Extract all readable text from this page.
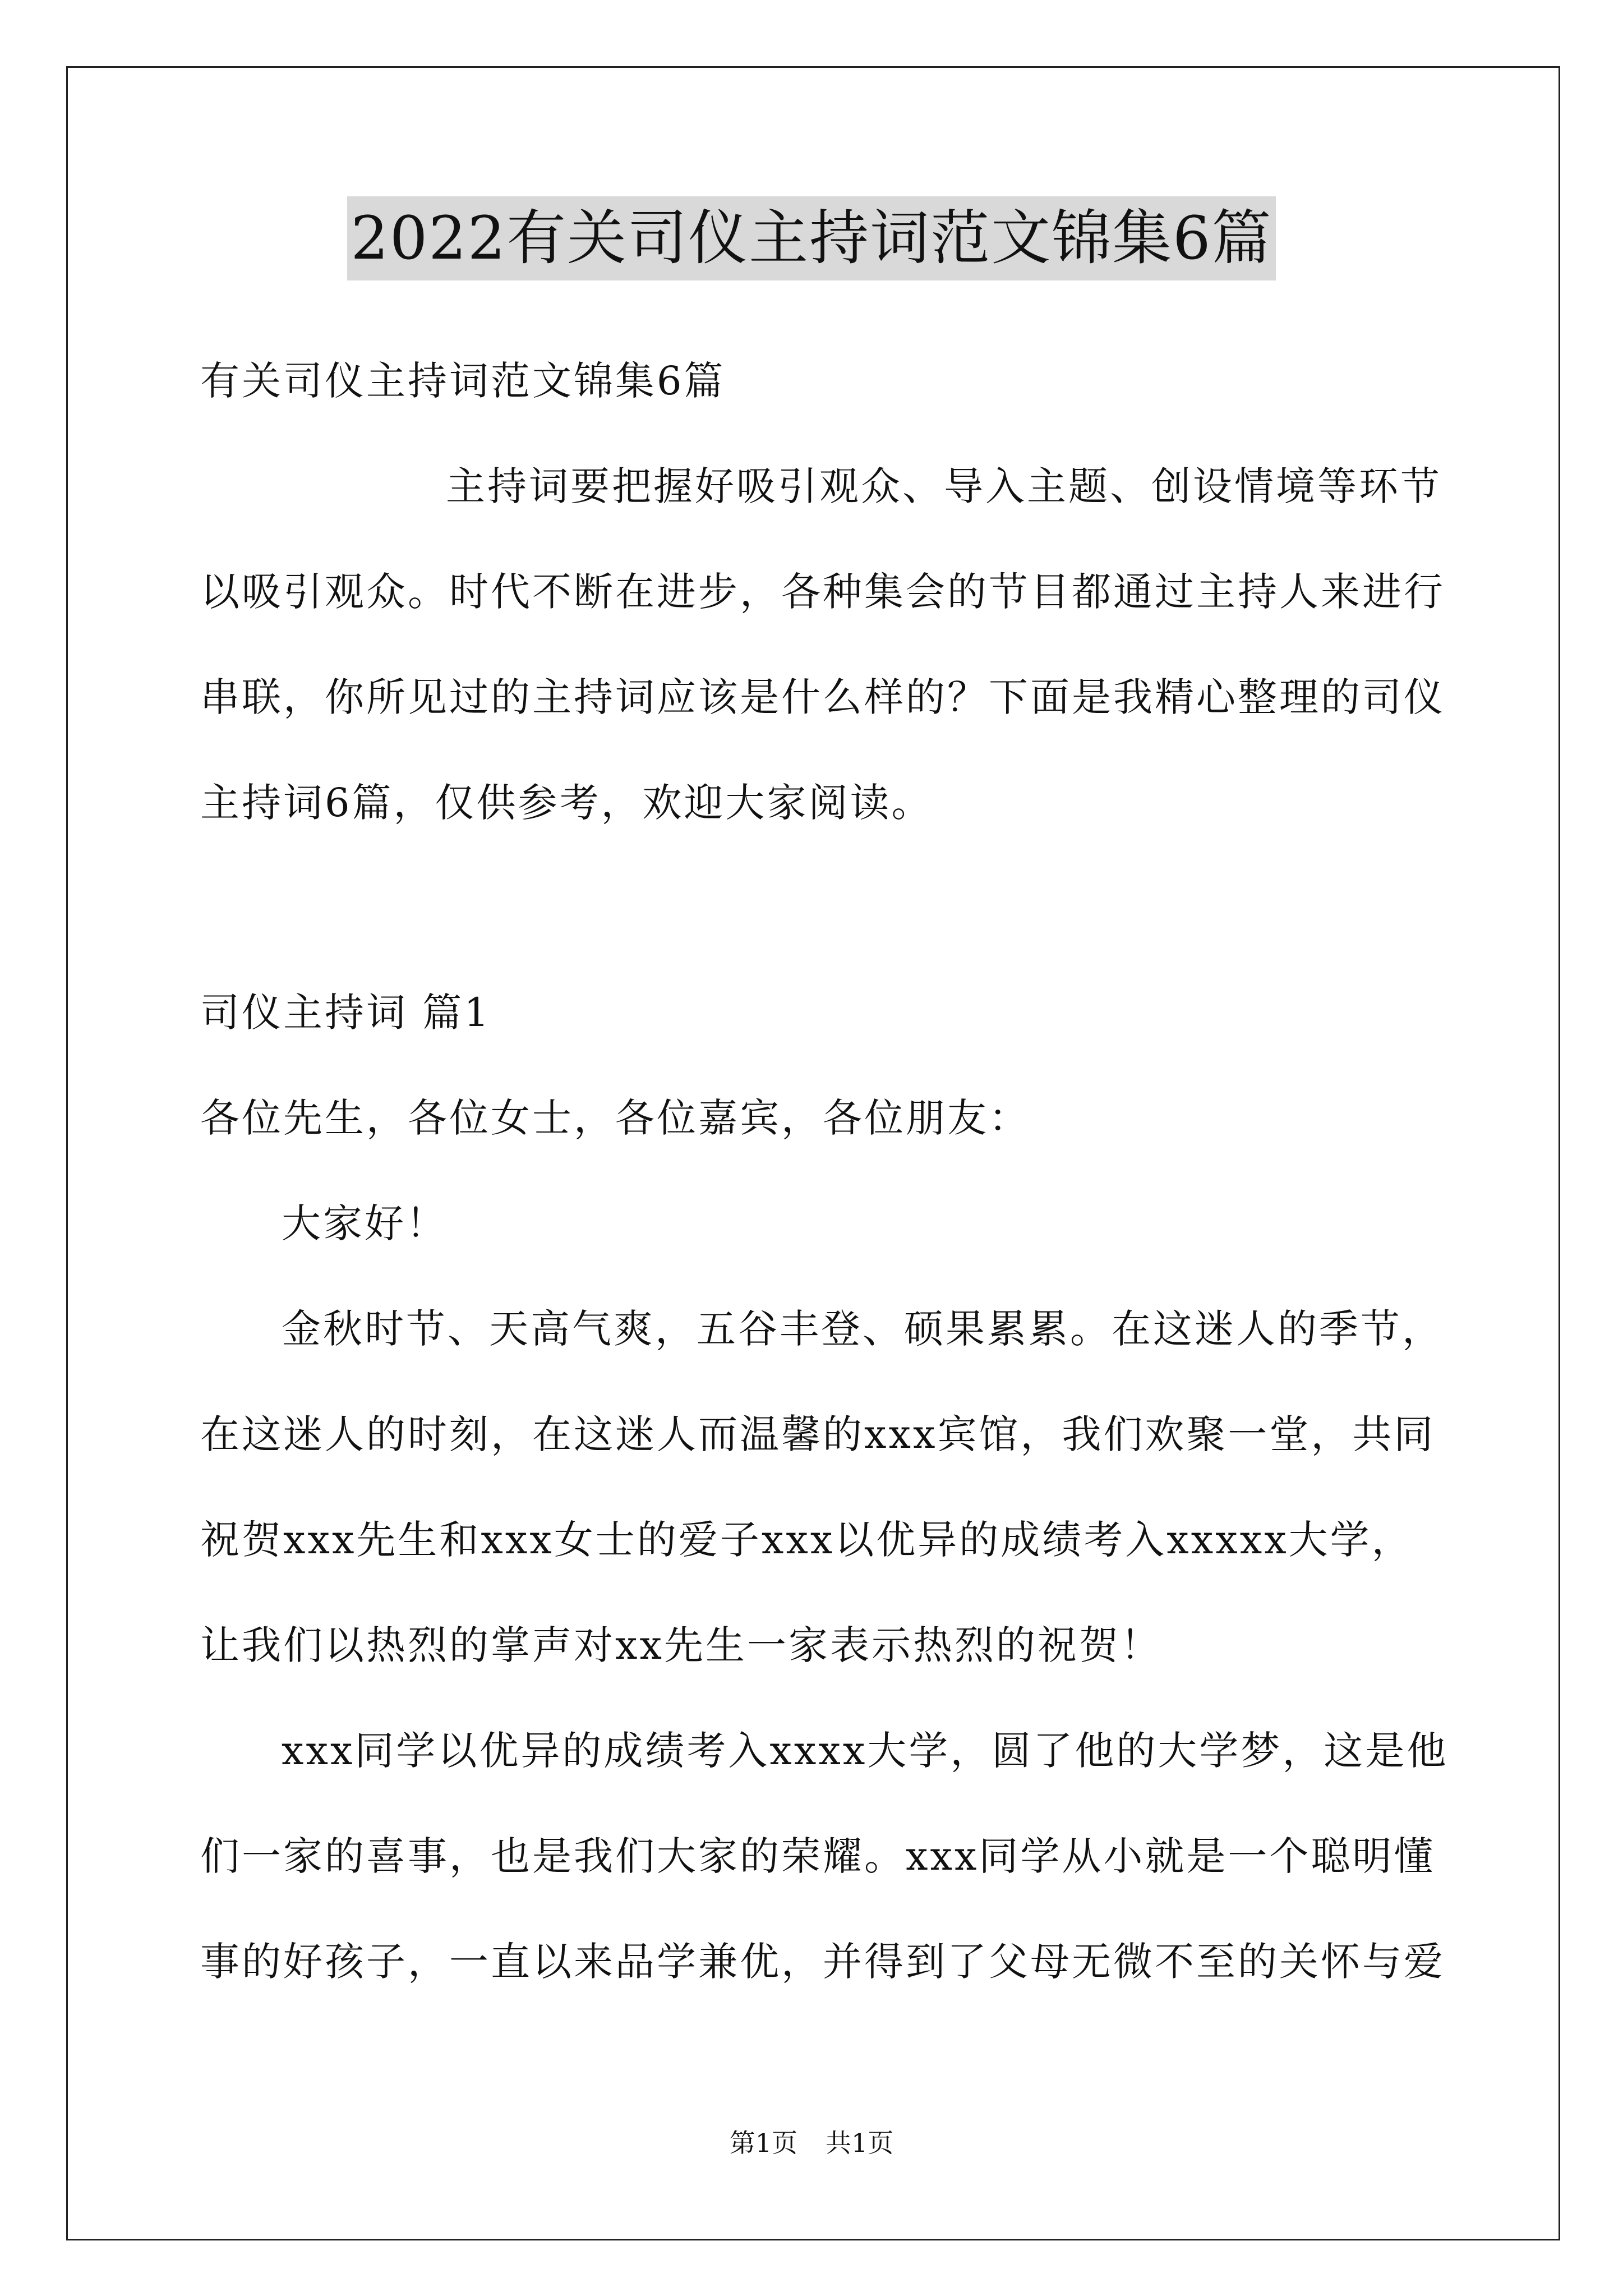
2022有关司仪主持词范文锦集6篇
有关司仪主持词范文锦集6篇
主持词要把握好吸引观众、导入主题、创设情境等环节
以吸引观众。时代不断在进步，各种集会的节目都通过主持人来进行
串联，你所见过的主持词应该是什么样的？下面是我精心整理的司仪
主持词6篇，仅供参考，欢迎大家阅读。
司仪主持词 篇1
各位先生，各位女士，各位嘉宾，各位朋友：
大家好！
金秋时节、天高气爽，五谷丰登、硕果累累。在这迷人的季节，
在这迷人的时刻，在这迷人而温馨的xxx宾馆，我们欢聚一堂，共同
祝贺xxx先生和xxx女士的爱子xxx以优异的成绩考入xxxxx大学，
让我们以热烈的掌声对xx先生一家表示热烈的祝贺！
xxx同学以优异的成绩考入xxxx大学，圆了他的大学梦，这是他
们一家的喜事，也是我们大家的荣耀。xxx同学从小就是一个聪明懂
事的好孩子，一直以来品学兼优，并得到了父母无微不至的关怀与爱
第1页 共1页
